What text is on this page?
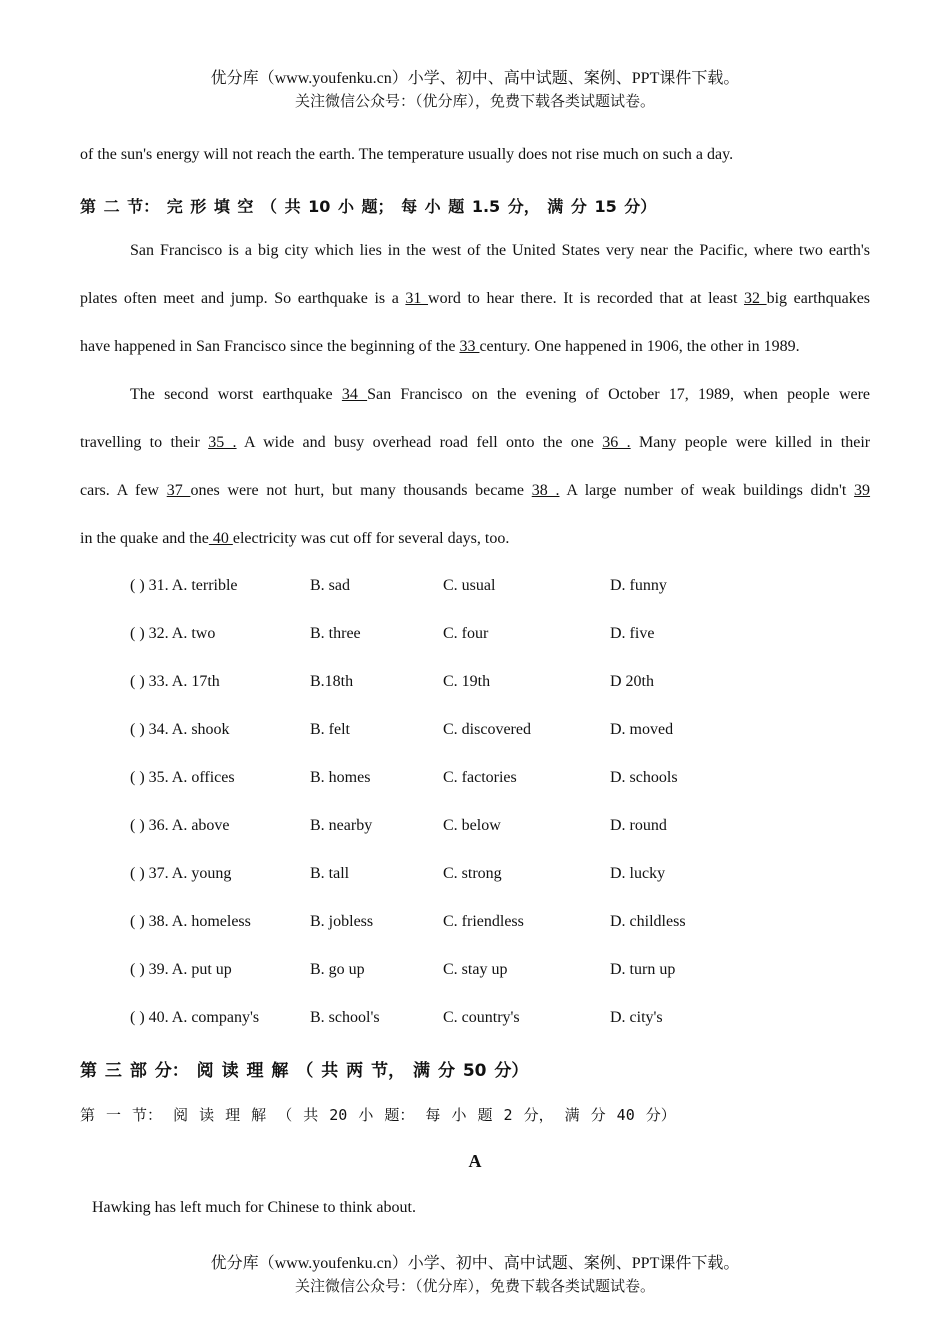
优分库（www.youfenku.cn）小学、初中、高中试题、案例、PPT课件下载。
关注微信公众号：（优分库），免费下载各类试题试卷。
of the sun's energy will not reach the earth. The temperature usually does not rise much on such a day.
第 二 节： 完 形 填 空 （ 共 10 小 题； 每 小 题 1.5 分， 满 分 15 分）
San Francisco is a big city which lies in the west of the United States very near the Pacific, where two earth's
plates often meet and jump. So earthquake is a 31 word to hear there. It is recorded that at least 32 big earthquakes
have happened in San Francisco since the beginning of the 33 century. One happened in 1906, the other in 1989.
The second worst earthquake 34 San Francisco on the evening of October 17, 1989, when people were
travelling to their 35 . A wide and busy overhead road fell onto the one 36 . Many people were killed in their
cars. A few 37 ones were not hurt, but many thousands became 38 . A large number of weak buildings didn't 39
in the quake and the 40 electricity was cut off for several days, too.
( ) 31. A. terrible	B. sad	C. usual	D. funny
( ) 32. A. two	B. three	C. four	D. five
( ) 33. A. 17th	B.18th	C. 19th	D 20th
( ) 34. A. shook	B. felt	C. discovered	D. moved
( ) 35. A. offices	B. homes	C. factories	D. schools
( ) 36. A. above	B. nearby	C. below	D. round
( ) 37. A. young	B. tall	C. strong	D. lucky
( ) 38. A. homeless	B. jobless	C. friendless	D. childless
( ) 39. A. put up	B. go up	C. stay up	D. turn up
( ) 40. A. company's	B. school's	C. country's	D. city's
第 三 部 分： 阅 读 理 解 （ 共 两 节， 满 分 50 分）
第 一 节： 阅 读 理 解 （ 共 20 小 题： 每 小 题 2 分， 满 分 40 分）
A
Hawking has left much for Chinese to think about.
优分库（www.youfenku.cn）小学、初中、高中试题、案例、PPT课件下载。
关注微信公众号：（优分库），免费下载各类试题试卷。
